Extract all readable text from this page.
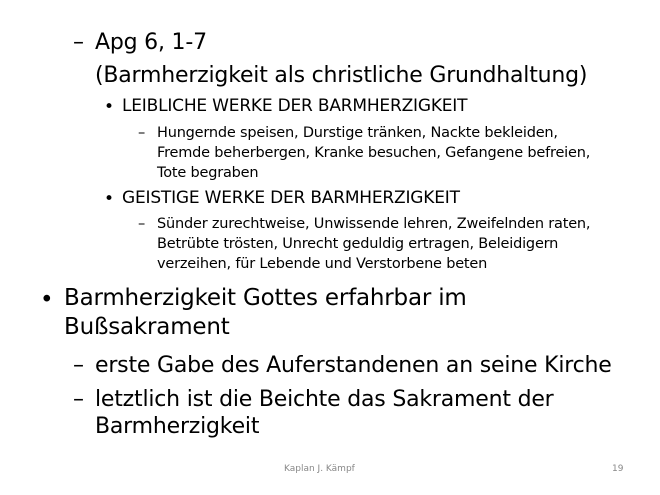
– Apg 6, 1-7
(Barmherzigkeit als christliche Grundhaltung)
• LEIBLICHE WERKE DER BARMHERZIGKEIT
– Hungernde speisen, Durstige tränken, Nackte bekleiden,
Fremde beherbergen, Kranke besuchen, Gefangene befreien,
Tote begraben
• GEISTIGE WERKE DER BARMHERZIGKEIT
– Sünder zurechtweise, Unwissende lehren, Zweifelnden raten,
Betrübte trösten, Unrecht geduldig ertragen, Beleidigern
verzeihen, für Lebende und Verstorbene beten
• Barmherzigkeit Gottes erfahrbar im
Bußsakrament
– erste Gabe des Auferstandenen an seine Kirche
– letztlich ist die Beichte das Sakrament der
Barmherzigkeit
Kaplan J. Kämpf	19
